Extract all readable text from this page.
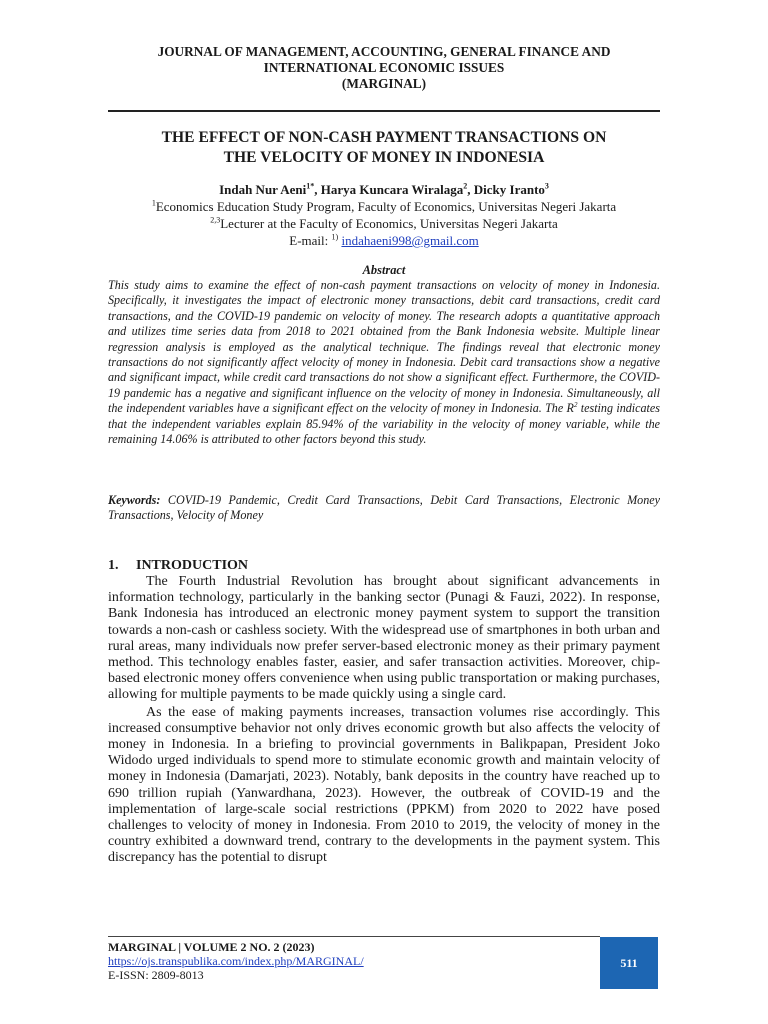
JOURNAL OF MANAGEMENT, ACCOUNTING, GENERAL FINANCE AND
INTERNATIONAL ECONOMIC ISSUES
(MARGINAL)
THE EFFECT OF NON-CASH PAYMENT TRANSACTIONS ON
THE VELOCITY OF MONEY IN INDONESIA
Indah Nur Aeni$^{1*}$, Harya Kuncara Wiralaga$^2$, Dicky Iranto$^3$
$^1$Economics Education Study Program, Faculty of Economics, Universitas Negeri Jakarta
$^{2,3}$Lecturer at the Faculty of Economics, Universitas Negeri Jakarta
E-mail: $^{1)}$ indahaeni998@gmail.com
Abstract

This study aims to examine the effect of non-cash payment transactions on velocity of money in Indonesia. Specifically, it investigates the impact of electronic money transactions, debit card transactions, credit card transactions, and the COVID-19 pandemic on velocity of money. The research adopts a quantitative approach and utilizes time series data from 2018 to 2021 obtained from the Bank Indonesia website. Multiple linear regression analysis is employed as the analytical technique. The findings reveal that electronic money transactions do not significantly affect velocity of money in Indonesia. Debit card transactions show a negative and significant impact, while credit card transactions do not show a significant effect. Furthermore, the COVID-19 pandemic has a negative and significant influence on the velocity of money in Indonesia. Simultaneously, all the independent variables have a significant effect on the velocity of money in Indonesia. The $R^2$ testing indicates that the independent variables explain 85.94% of the variability in the velocity of money variable, while the remaining 14.06% is attributed to other factors beyond this study.

Keywords: COVID-19 Pandemic, Credit Card Transactions, Debit Card Transactions, Electronic Money Transactions, Velocity of Money

1. INTRODUCTION

The Fourth Industrial Revolution has brought about significant advancements in information technology, particularly in the banking sector (Punagi & Fauzi, 2022). In response, Bank Indonesia has introduced an electronic money payment system to support the transition towards a non-cash or cashless society. With the widespread use of smartphones in both urban and rural areas, many individuals now prefer server-based electronic money as their primary payment method. This technology enables faster, easier, and safer transaction activities. Moreover, chip-based electronic money offers convenience when using public transportation or making purchases, allowing for multiple payments to be made quickly using a single card.

As the ease of making payments increases, transaction volumes rise accordingly. This increased consumptive behavior not only drives economic growth but also affects the velocity of money in Indonesia. In a briefing to provincial governments in Balikpapan, President Joko Widodo urged individuals to spend more to stimulate economic growth and maintain velocity of money in Indonesia (Damarjati, 2023). Notably, bank deposits in the country have reached up to 690 trillion rupiah (Yanwardhana, 2023). However, the outbreak of COVID-19 and the implementation of large-scale social restrictions (PPKM) from 2020 to 2022 have posed challenges to velocity of money in Indonesia. From 2010 to 2019, the velocity of money in the country exhibited a downward trend, contrary to the developments in the payment system. This discrepancy has the potential to disrupt

MARGINAL | VOLUME 2 NO. 2 (2023)
https://ojs.transpublika.com/index.php/MARGINAL/
E-ISSN: 2809-8013
511
